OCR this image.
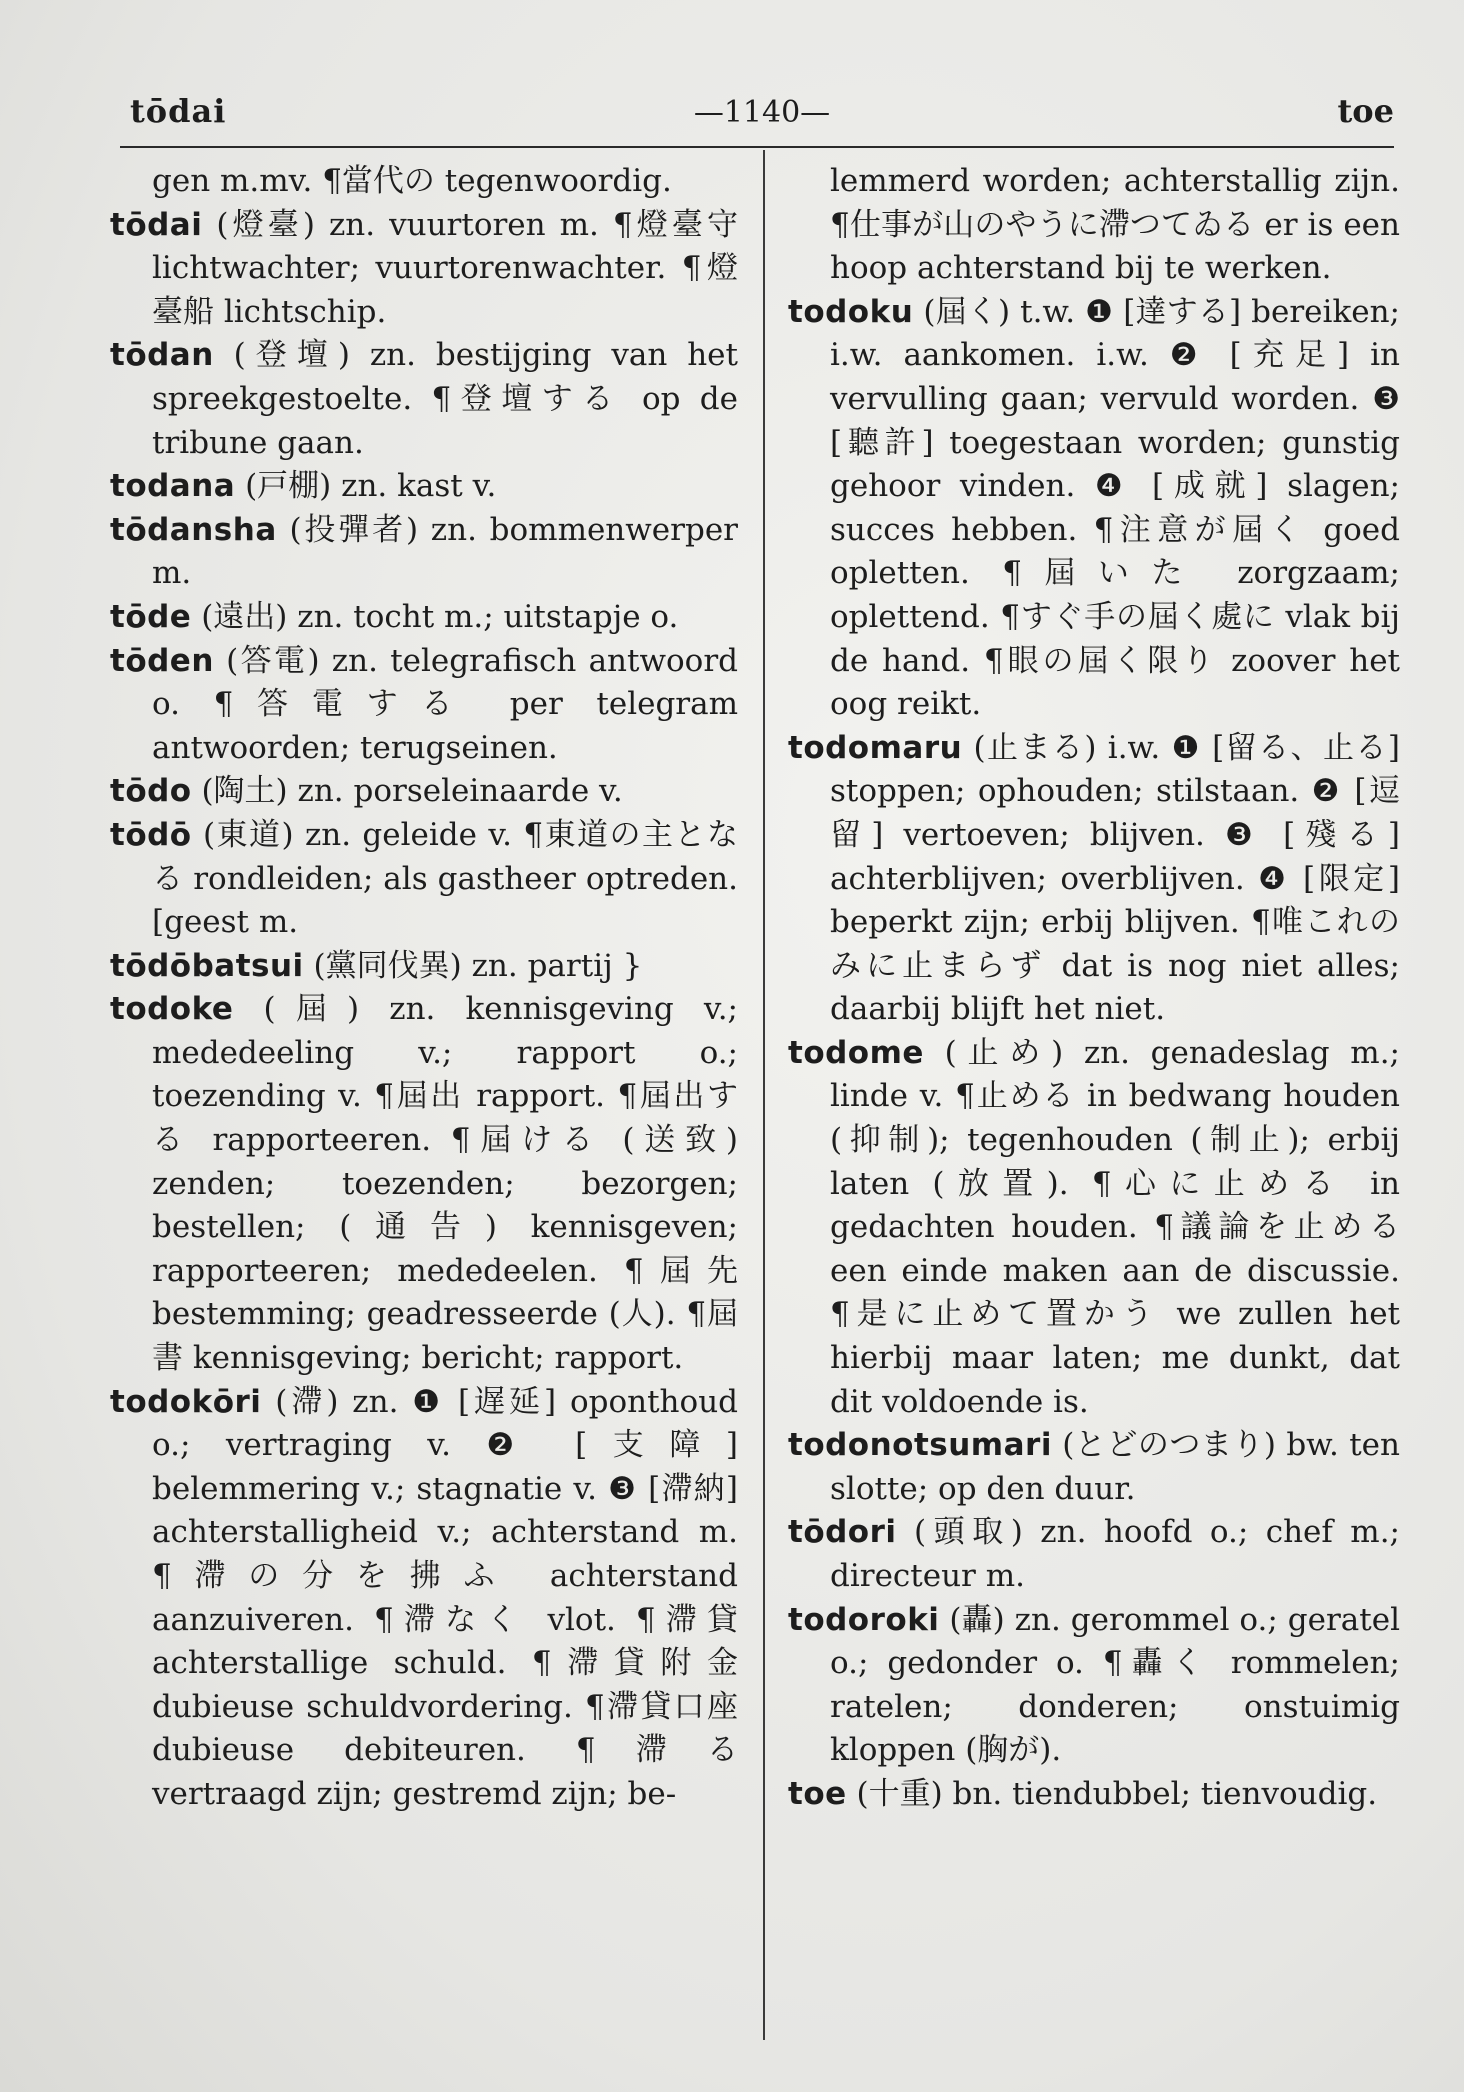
tōdai	—1140—	toe

gen m.mv. ¶當代の tegenwoordig.

tōdai (燈臺) zn. vuurtoren m. ¶燈臺守 lichtwachter; vuurtorenwachter. ¶燈臺船 lichtschip.

tōdan (登壇) zn. bestijging van het spreekgestoelte. ¶登壇する op de tribune gaan.

todana (戸棚) zn. kast v.

tōdansha (投彈者) zn. bommenwerper m.

tōde (遠出) zn. tocht m.; uitstapje o.

tōden (答電) zn. telegrafisch antwoord o. ¶答電する per telegram antwoorden; terugseinen.

tōdo (陶土) zn. porseleinaarde v.

tōdō (東道) zn. geleide v. ¶東道の主となる rondleiden; als gastheer optreden. [geest m.

tōdōbatsui (黨同伐異) zn. partij }

todoke (屆) zn. kennisgeving v.; mededeeling v.; rapport o.; toezending v. ¶屆出 rapport. ¶屆出する rapporteeren. ¶屆ける (送致) zenden; toezenden; bezorgen; bestellen; (通告) kennisgeven; rapporteeren; mededeelen. ¶屆先 bestemming; geadresseerde (人). ¶屆書 kennisgeving; bericht; rapport.

todokōri (滯) zn. ❶ [遅延] oponthoud o.; vertraging v. ❷ [支障] belemmering v.; stagnatie v. ❸ [滯納] achterstalligheid v.; achterstand m. ¶滯の分を拂ふ achterstand aanzuiveren. ¶滯なく vlot. ¶滯貸 achterstallige schuld. ¶滯貸附金 dubieuse schuldvordering. ¶滯貸口座 dubieuse debiteuren. ¶滯る vertraagd zijn; gestremd zijn; be-

lemmerd worden; achterstallig zijn. ¶仕事が山のやうに滯つてゐる er is een hoop achterstand bij te werken.

todoku (屆く) t.w. ❶ [達する] bereiken; i.w. aankomen. i.w. ❷ [充足] in vervulling gaan; vervuld worden. ❸ [聽許] toegestaan worden; gunstig gehoor vinden. ❹ [成就] slagen; succes hebben. ¶注意が屆く goed opletten. ¶屆いた zorgzaam; oplettend. ¶すぐ手の屆く處に vlak bij de hand. ¶眼の屆く限り zoover het oog reikt.

todomaru (止まる) i.w. ❶ [留る、止る] stoppen; ophouden; stilstaan. ❷ [逗留] vertoeven; blijven. ❸ [殘る] achterblijven; overblijven. ❹ [限定] beperkt zijn; erbij blijven. ¶唯これのみに止まらず dat is nog niet alles; daarbij blijft het niet.

todome (止め) zn. genadeslag m.; linde v. ¶止める in bedwang houden (抑制); tegenhouden (制止); erbij laten (放置). ¶心に止める in gedachten houden. ¶議論を止める een einde maken aan de discussie. ¶是に止めて置かう we zullen het hierbij maar laten; me dunkt, dat dit voldoende is.

todonotsumari (とどのつまり) bw. ten slotte; op den duur.

tōdori (頭取) zn. hoofd o.; chef m.; directeur m.

todoroki (轟) zn. gerommel o.; geratel o.; gedonder o. ¶轟く rommelen; ratelen; donderen; onstuimig kloppen (胸が).

toe (十重) bn. tiendubbel; tienvoudig.
